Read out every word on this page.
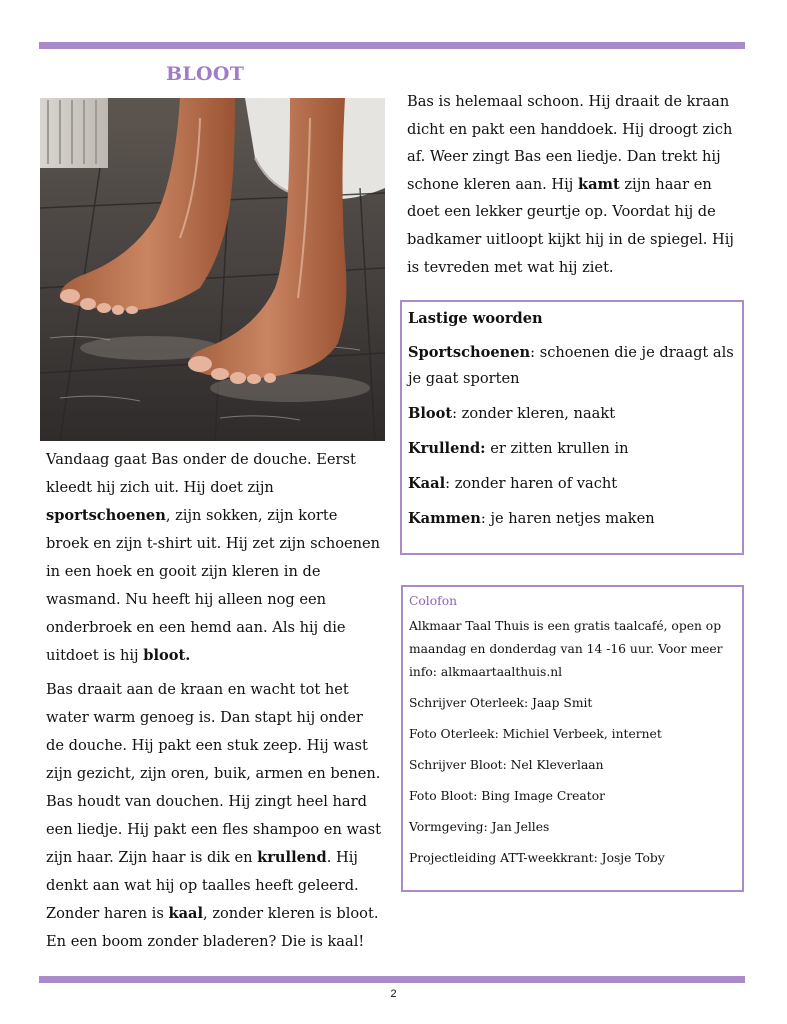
BLOOT

Vandaag gaat Bas onder de douche. Eerst kleedt hij zich uit. Hij doet zijn sportschoenen, zijn sokken, zijn korte broek en zijn t-shirt uit. Hij zet zijn schoenen in een hoek en gooit zijn kleren in de wasmand. Nu heeft hij alleen nog een onderbroek en een hemd aan. Als hij die uitdoet is hij bloot.

Bas draait aan de kraan en wacht tot het water warm genoeg is. Dan stapt hij onder de douche. Hij pakt een stuk zeep. Hij wast zijn gezicht, zijn oren, buik, armen en benen. Bas houdt van douchen. Hij zingt heel hard een liedje. Hij pakt een fles shampoo en wast zijn haar. Zijn haar is dik en krullend. Hij denkt aan wat hij op taalles heeft geleerd. Zonder haren is kaal, zonder kleren is bloot. En een boom zonder bladeren? Die is kaal!

Bas is helemaal schoon. Hij draait de kraan dicht en pakt een handdoek. Hij droogt zich af. Weer zingt Bas een liedje. Dan trekt hij schone kleren aan. Hij kamt zijn haar en doet een lekker geurtje op. Voordat hij de badkamer uitloopt kijkt hij in de spiegel. Hij is tevreden met wat hij ziet.

Lastige woorden
Sportschoenen: schoenen die je draagt als je gaat sporten
Bloot: zonder kleren, naakt
Krullend: er zitten krullen in
Kaal: zonder haren of vacht
Kammen: je haren netjes maken
Colofon
Alkmaar Taal Thuis is een gratis taalcafé, open op maandag en donderdag van 14 -16 uur. Voor meer info: alkmaartaalthuis.nl
Schrijver Oterleek: Jaap Smit
Foto Oterleek: Michiel Verbeek, internet
Schrijver Bloot: Nel Kleverlaan
Foto Bloot: Bing Image Creator
Vormgeving: Jan Jelles
Projectleiding ATT-weekkrant: Josje Toby
2
